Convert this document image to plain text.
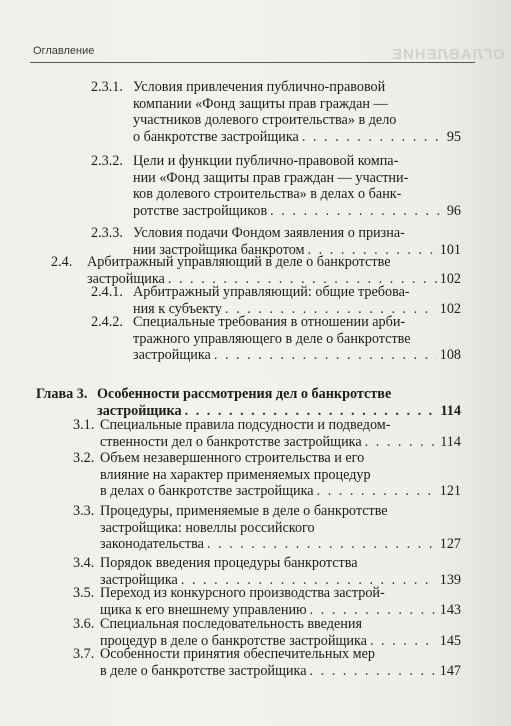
Оглавление	ОГЛАВЛЕНИЕ
2.3.1. Условия привлечения публично-правовой
компании «Фонд защиты прав граждан —
участников долевого строительства» в дело
о банкротстве застройщика . . .	95
2.3.2. Цели и функции публично-правовой компа-
нии «Фонд защиты прав граждан — участни-
ков долевого строительства» в делах о банк-
ротстве застройщиков . . .	96
2.3.3. Условия подачи Фондом заявления о призна-
нии застройщика банкротом . . .	101
2.4. Арбитражный управляющий в деле о банкротстве
застройщика . . .	102
2.4.1. Арбитражный управляющий: общие требова-
ния к субъекту . . .	102
2.4.2. Специальные требования в отношении арби-
тражного управляющего в деле о банкротстве
застройщика . . .	108
Глава 3. Особенности рассмотрения дел о банкротстве
застройщика . . .	114
3.1. Специальные правила подсудности и подведом-
ственности дел о банкротстве застройщика . . .	114
3.2. Объем незавершенного строительства и его
влияние на характер применяемых процедур
в делах о банкротстве застройщика . . .	121
3.3. Процедуры, применяемые в деле о банкротстве
застройщика: новеллы российского
законодательства . . .	127
3.4. Порядок введения процедуры банкротства
застройщика . . .	139
3.5. Переход из конкурсного производства застрой-
щика к его внешнему управлению . . .	143
3.6. Специальная последовательность введения
процедур в деле о банкротстве застройщика . . .	145
3.7. Особенности принятия обеспечительных мер
в деле о банкротстве застройщика . . .	147
